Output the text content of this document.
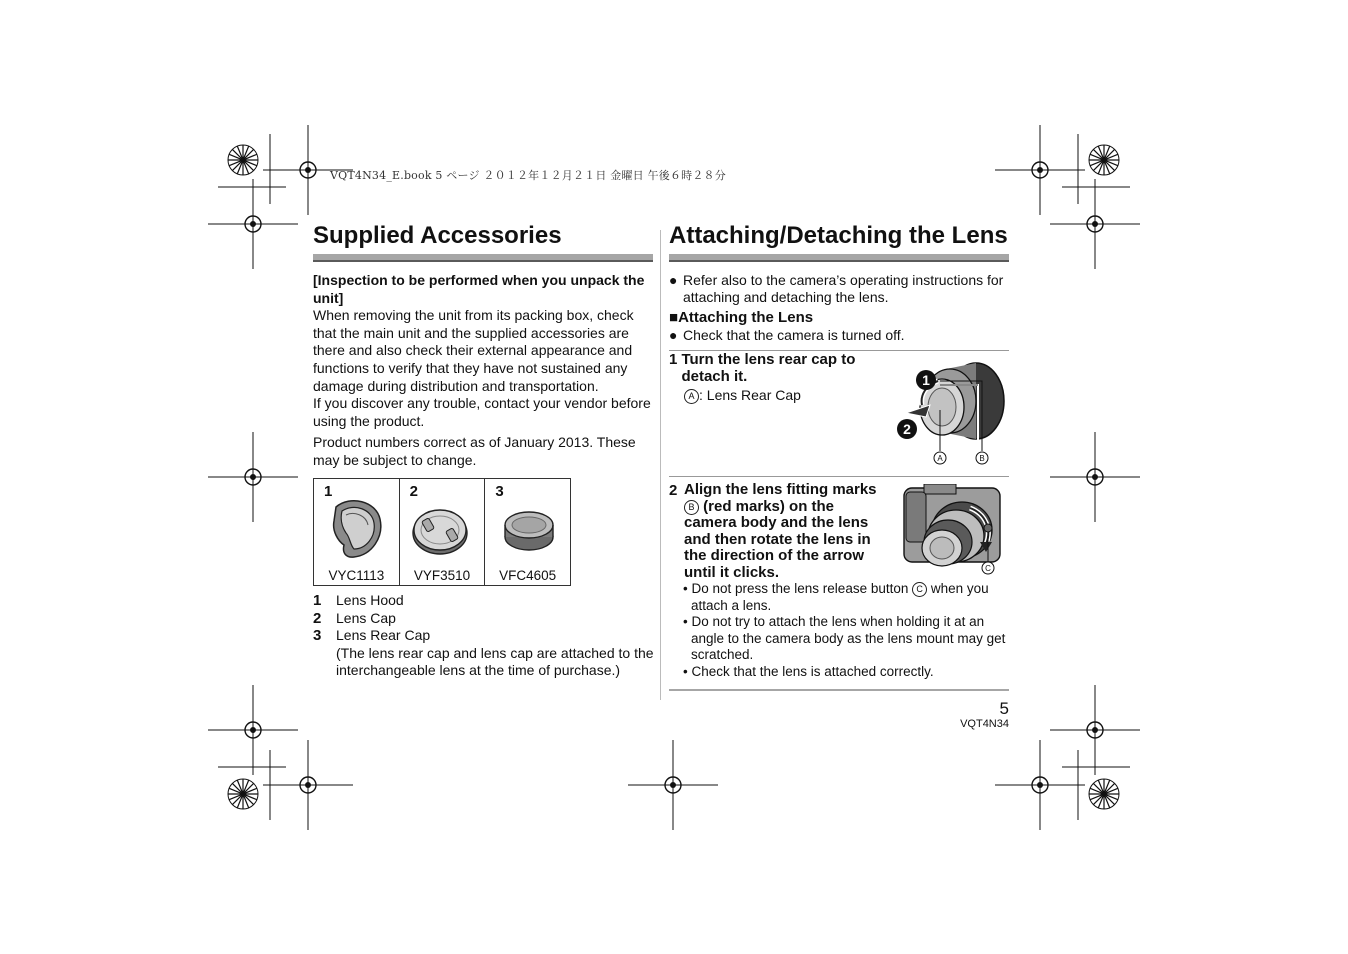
VQT4N34_E.book 5 ページ ２０１２年１２月２１日 金曜日 午後６時２８分
Supplied Accessories

[Inspection to be performed when you unpack the unit]

When removing the unit from its packing box, check that the main unit and the supplied accessories are there and also check their external appearance and functions to verify that they have not sustained any damage during distribution and transportation.

If you discover any trouble, contact your vendor before using the product.

Product numbers correct as of January 2013. These may be subject to change.

1
VYC1113
2
VYF3510
3
VFC4605
1	Lens Hood
2	Lens Cap
3	Lens Rear Cap

(The lens rear cap and lens cap are attached to the interchangeable lens at the time of purchase.)

Attaching/Detaching the Lens

● Refer also to the camera’s operating instructions for attaching and detaching the lens.

■Attaching the Lens

● Check that the camera is turned off.

1 Turn the lens rear cap to detach it.

A : Lens Rear Cap

1
2
A	B
2 Align the lens fitting marks B (red marks) on the camera body and the lens and then rotate the lens in the direction of the arrow until it clicks.	C

• Do not press the lens release button C when you attach a lens.

• Do not try to attach the lens when holding it at an angle to the camera body as the lens mount may get scratched.

• Check that the lens is attached correctly.

5
VQT4N34
